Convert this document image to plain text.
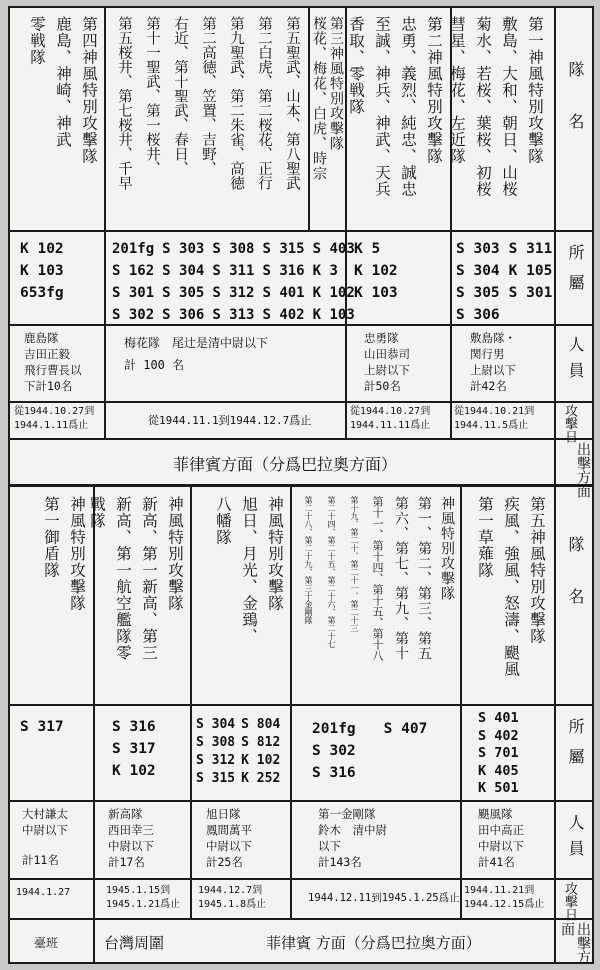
隊名
所屬
人員
攻擊日
出擊方面
隊名
所屬
人員
攻擊日
出擊方面
第一神風特別攻擊隊
敷島、大和、朝日、山桜
菊水、若桜、葉桜、初桜
彗星、梅花、左近隊
第二神風特別攻擊隊
忠勇、義烈、純忠、誠忠
至誠、神兵、神武、天兵
香取、零戦隊
第三神風特別攻擊隊
桜花、梅花、白虎、時宗
第五聖武、山本、第八聖武
第二白虎、第二桜花、正行
第九聖武、第二朱雀、高徳
第二高徳、笠置、吉野、
右近、第十聖武、春日、
第十一聖武、第一桜井、
第五桜井、第七桜井、千早
第四神風特別攻擊隊
鹿島、神崎、神武
零戦隊
S 303 S 311
S 304 K 105
S 305 S 301
S 306
K 5
K 102
K 103
201fg S 303 S 308 S 315 S 403
S 162 S 304 S 311 S 316 K 3
S 301 S 305 S 312 S 401 K 102
S 302 S 306 S 313 S 402 K 103
K 102
K 103
653fg
敷島隊・
関行男
上尉以下
計42名
忠勇隊
山田恭司
上尉以下
計50名
梅花隊　尾辻是清中尉以下
計 100 名
鹿島隊
吉田正毅
飛行曹長以
下計10名
從1944.10.21到 1944.11.5爲止
從1944.10.27到 1944.11.11爲止
從1944.11.1到1944.12.7爲止
從1944.10.27到 1944.1.11爲止
菲律賓方面（分爲巴拉奧方面）
第五神風特別攻擊隊
疾風、強風、怒濤、颶風
第一草薙隊
神風特別攻擊隊
第一、第二、第三、第五
第六、第七、第九、第十
第十一、第十四、第十五、第十八
第十九、第二十、第二十一、第二十三
第二十四、第二十五、第二十六、第二十七
第二十八、第二十九、第三十金剛隊
神風特別攻擊隊
旭日、月光、金鵄、
八幡隊
神風特別攻擊隊
新高、第一新高、第三
新高、第一航空艦隊零
戰隊
神風特別攻擊隊
第一御盾隊
S 401
S 402
S 701
K 405
K 501
201fg S 407
S 302
S 316
S 304 S 804
S 308 S 812
S 312 K 102
S 315 K 252
S 316
S 317
K 102
S 317
颶風隊
田中高正
中尉以下
計41名
第一金剛隊
鈴木　清中尉
以下
計143名
旭日隊
鳳間萬平
中尉以下
計25名
新高隊
西田幸三
中尉以下
計17名
大村謙太
中尉以下
計11名
1944.11.21到 1944.12.15爲止
1944.12.11到1945.1.25爲止
1944.12.7到 1945.1.8爲止
1945.1.15到 1945.1.21爲止
1944.1.27
菲律賓 方面（分爲巴拉奥方面）
台灣周圍
臺班
